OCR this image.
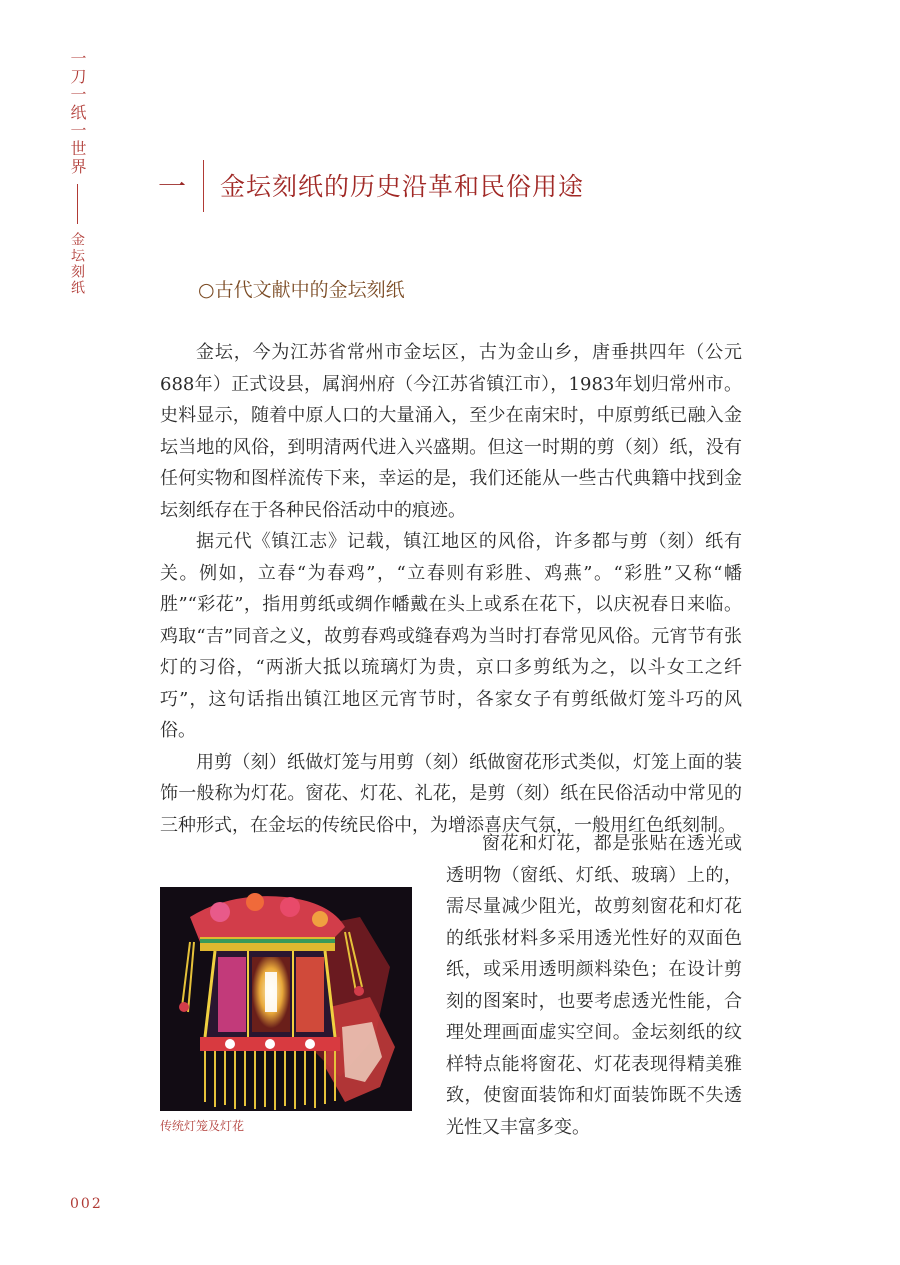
一刀一纸一世界
金坛刻纸
一 金坛刻纸的历史沿革和民俗用途
○古代文献中的金坛刻纸

金坛，今为江苏省常州市金坛区，古为金山乡，唐垂拱四年（公元688年）正式设县，属润州府（今江苏省镇江市），1983年划归常州市。史料显示，随着中原人口的大量涌入，至少在南宋时，中原剪纸已融入金坛当地的风俗，到明清两代进入兴盛期。但这一时期的剪（刻）纸，没有任何实物和图样流传下来，幸运的是，我们还能从一些古代典籍中找到金坛刻纸存在于各种民俗活动中的痕迹。

据元代《镇江志》记载，镇江地区的风俗，许多都与剪（刻）纸有关。例如，立春“为春鸡”，“立春则有彩胜、鸡燕”。“彩胜”又称“幡胜”“彩花”，指用剪纸或绸作幡戴在头上或系在花下，以庆祝春日来临。鸡取“吉”同音之义，故剪春鸡或缝春鸡为当时打春常见风俗。元宵节有张灯的习俗，“两浙大抵以琉璃灯为贵，京口多剪纸为之，以斗女工之纤巧”，这句话指出镇江地区元宵节时，各家女子有剪纸做灯笼斗巧的风俗。

用剪（刻）纸做灯笼与用剪（刻）纸做窗花形式类似，灯笼上面的装饰一般称为灯花。窗花、灯花、礼花，是剪（刻）纸在民俗活动中常见的三种形式，在金坛的传统民俗中，为增添喜庆气氛，一般用红色纸刻制。

窗花和灯花，都是张贴在透光或透明物（窗纸、灯纸、玻璃）上的，需尽量减少阻光，故剪刻窗花和灯花的纸张材料多采用透光性好的双面色纸，或采用透明颜料染色；在设计剪刻的图案时，也要考虑透光性能，合理处理画面虚实空间。金坛刻纸的纹样特点能将窗花、灯花表现得精美雅致，使窗面装饰和灯面装饰既不失透光性又丰富多变。

传统灯笼及灯花
002
